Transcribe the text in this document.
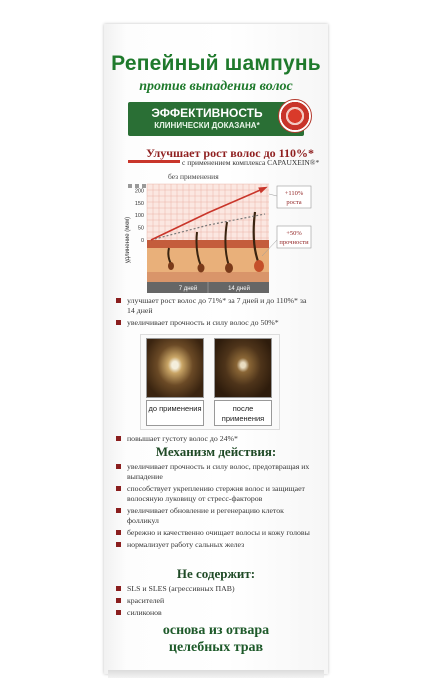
Репейный шампунь
против выпадения волос
ЭФФЕКТИВНОСТЬ
КЛИНИЧЕСКИ ДОКАЗАНА*
Улучшает рост волос до 110%*
с применением комплекса CAPAUXEIN®*
без применения
7 дней	14 дней
удлинение (мкм) 0
50
100
150
200	+110%
роста
+50%
прочности
улучшает рост волос до 71%* за 7 дней и до 110%* за 14 дней
увеличивает прочность и силу волос до 50%*
до применения	после применения
повышает густоту волос до 24%*
Механизм действия:
увеличивает прочность и силу волос, предотвращая их выпадение
способствует укреплению стержня волос и защищает волосяную луковицу от стресс-факторов
увеличивает обновление и регенерацию клеток фолликул
бережно и качественно очищает волосы и кожу головы
нормализует работу сальных желез
Не содержит:
SLS и SLES (агрессивных ПАВ)
красителей
силиконов
основа из отвара
целебных трав
